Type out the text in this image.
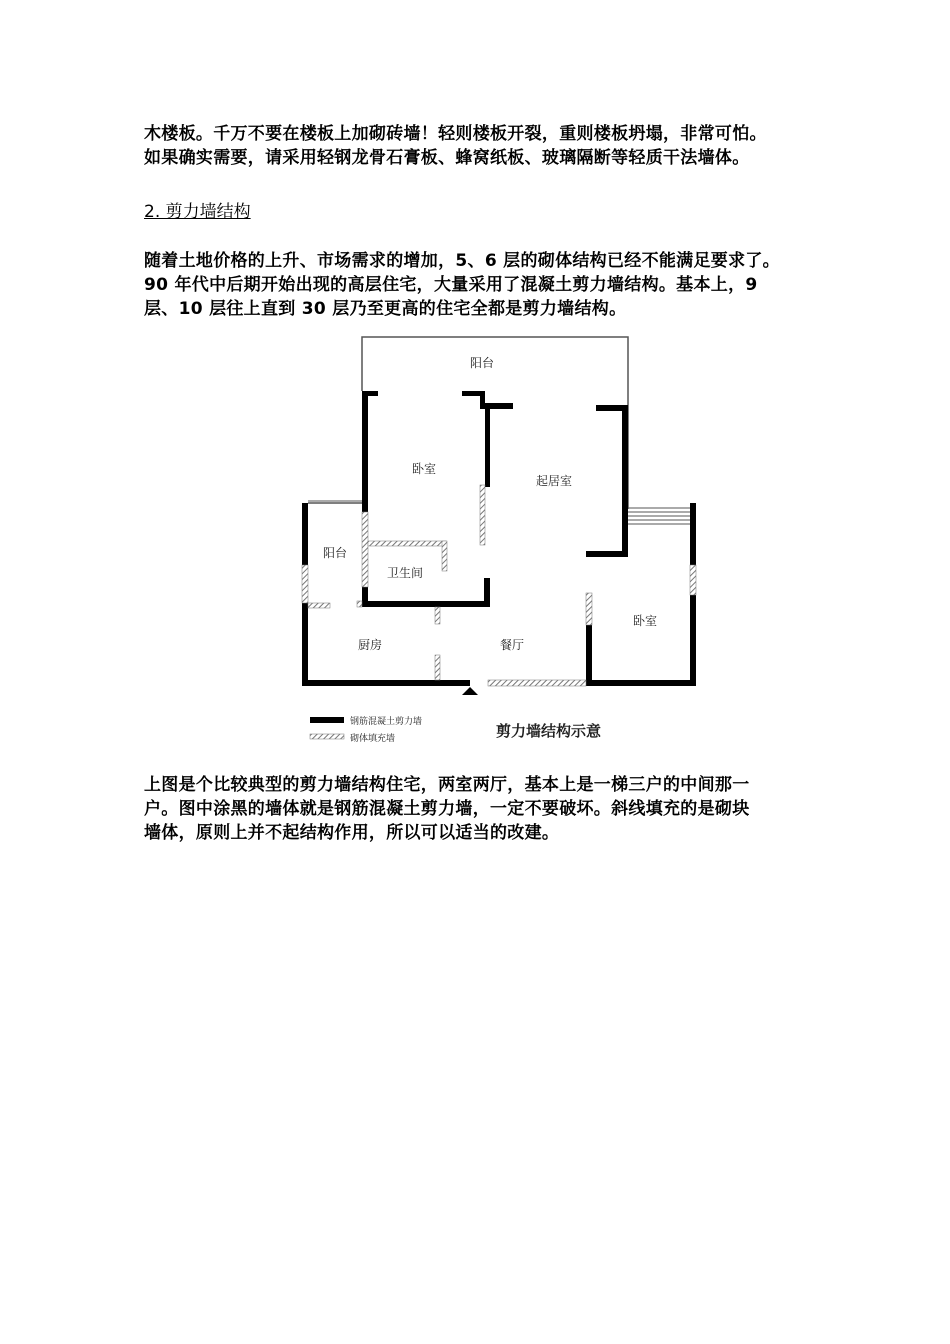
木楼板。千万不要在楼板上加砌砖墙！轻则楼板开裂，重则楼板坍塌，非常可怕。
如果确实需要，请采用轻钢龙骨石膏板、蜂窝纸板、玻璃隔断等轻质干法墙体。
2. 剪力墙结构
随着土地价格的上升、市场需求的增加，5、6 层的砌体结构已经不能满足要求了。
90 年代中后期开始出现的高层住宅，大量采用了混凝土剪力墙结构。基本上，9
层、10 层往上直到 30 层乃至更高的住宅全都是剪力墙结构。
阳台
卧室
起居室
阳台
卫生间
厨房	餐厅
卧室
钢筋混凝土剪力墙
砌体填充墙	剪力墙结构示意
上图是个比较典型的剪力墙结构住宅，两室两厅，基本上是一梯三户的中间那一
户。图中涂黑的墙体就是钢筋混凝土剪力墙，一定不要破坏。斜线填充的是砌块
墙体，原则上并不起结构作用，所以可以适当的改建。
